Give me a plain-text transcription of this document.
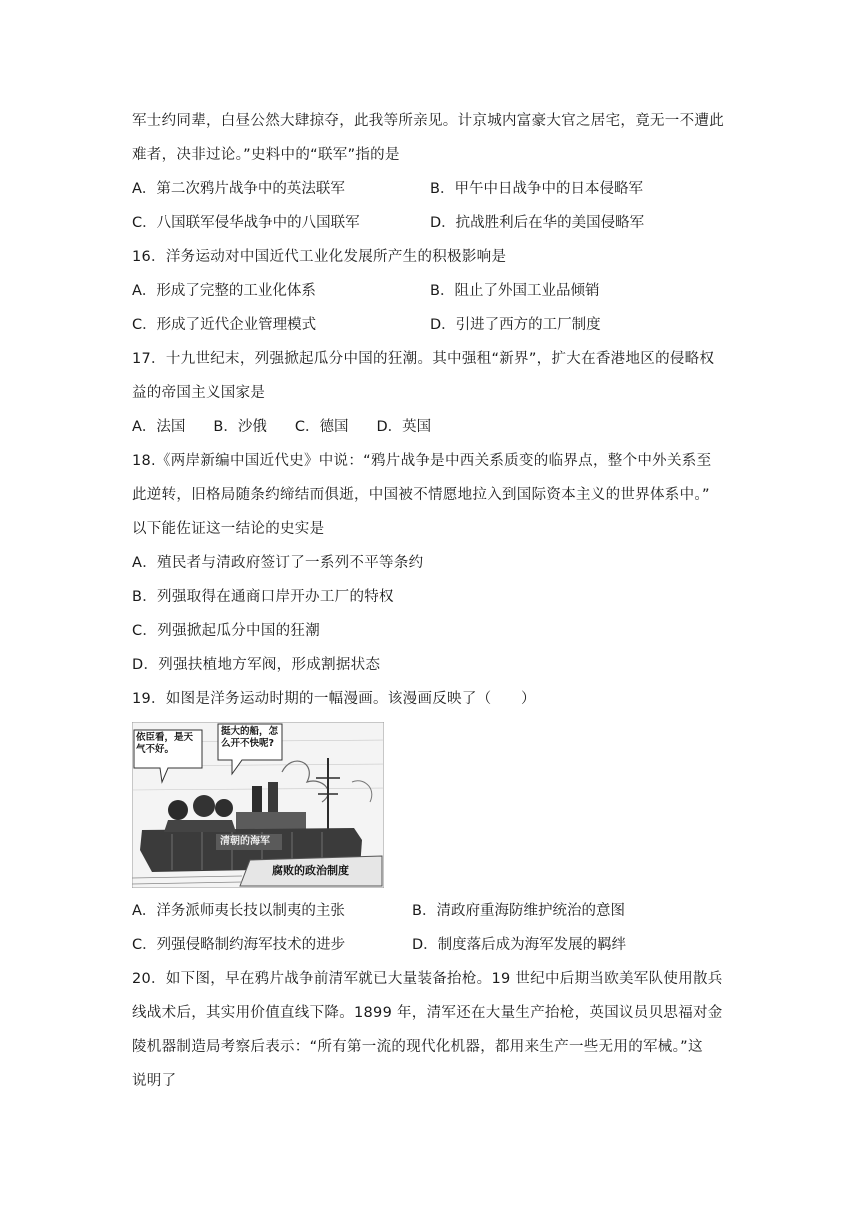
军士约同辈，白昼公然大肆掠夺，此我等所亲见。计京城内富豪大官之居宅，竟无一不遭此
难者，决非过论。”史料中的“联军”指的是
A．第二次鸦片战争中的英法联军	B．甲午中日战争中的日本侵略军
C．八国联军侵华战争中的八国联军	D．抗战胜利后在华的美国侵略军
16．洋务运动对中国近代工业化发展所产生的积极影响是
A．形成了完整的工业化体系	B．阻止了外国工业品倾销
C．形成了近代企业管理模式	D．引进了西方的工厂制度
17．十九世纪末，列强掀起瓜分中国的狂潮。其中强租“新界”，扩大在香港地区的侵略权
益的帝国主义国家是
A．法国 B．沙俄 C．德国 D．英国
18.《两岸新编中国近代史》中说：“鸦片战争是中西关系质变的临界点，整个中外关系至
此逆转，旧格局随条约缔结而俱逝，中国被不情愿地拉入到国际资本主义的世界体系中。”
以下能佐证这一结论的史实是
A．殖民者与清政府签订了一系列不平等条约
B．列强取得在通商口岸开办工厂的特权
C．列强掀起瓜分中国的狂潮
D．列强扶植地方军阀，形成割据状态
19．如图是洋务运动时期的一幅漫画。该漫画反映了（　　）
依臣看，是天气不好。
挺大的船，怎么开不快呢?
清朝的海军
腐败的政治制度
A．洋务派师夷长技以制夷的主张	B．清政府重海防维护统治的意图
C．列强侵略制约海军技术的进步	D．制度落后成为海军发展的羁绊
20．如下图，早在鸦片战争前清军就已大量装备抬枪。19 世纪中后期当欧美军队使用散兵
线战术后，其实用价值直线下降。1899 年，清军还在大量生产抬枪，英国议员贝思福对金
陵机器制造局考察后表示：“所有第一流的现代化机器，都用来生产一些无用的军械。”这
说明了
